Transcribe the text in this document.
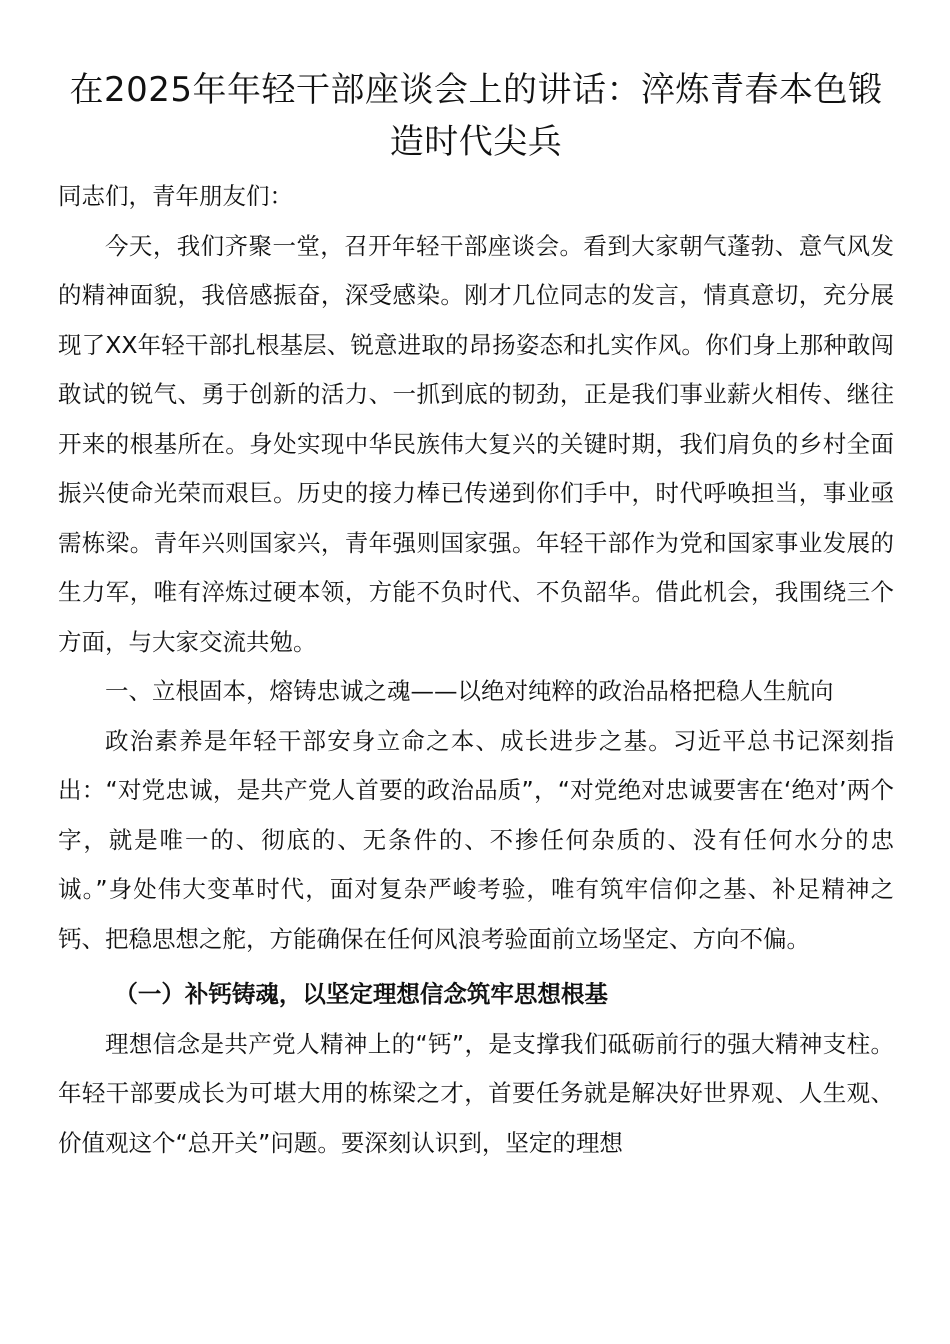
在2025年年轻干部座谈会上的讲话：淬炼青春本色锻造时代尖兵

同志们，青年朋友们：

今天，我们齐聚一堂，召开年轻干部座谈会。看到大家朝气蓬勃、意气风发的精神面貌，我倍感振奋，深受感染。刚才几位同志的发言，情真意切，充分展现了XX年轻干部扎根基层、锐意进取的昂扬姿态和扎实作风。你们身上那种敢闯敢试的锐气、勇于创新的活力、一抓到底的韧劲，正是我们事业薪火相传、继往开来的根基所在。身处实现中华民族伟大复兴的关键时期，我们肩负的乡村全面振兴使命光荣而艰巨。历史的接力棒已传递到你们手中，时代呼唤担当，事业亟需栋梁。青年兴则国家兴，青年强则国家强。年轻干部作为党和国家事业发展的生力军，唯有淬炼过硬本领，方能不负时代、不负韶华。借此机会，我围绕三个方面，与大家交流共勉。

一、立根固本，熔铸忠诚之魂——以绝对纯粹的政治品格把稳人生航向

政治素养是年轻干部安身立命之本、成长进步之基。习近平总书记深刻指出：“对党忠诚，是共产党人首要的政治品质”，“对党绝对忠诚要害在‘绝对’两个字，就是唯一的、彻底的、无条件的、不掺任何杂质的、没有任何水分的忠诚。”身处伟大变革时代，面对复杂严峻考验，唯有筑牢信仰之基、补足精神之钙、把稳思想之舵，方能确保在任何风浪考验面前立场坚定、方向不偏。

（一）补钙铸魂，以坚定理想信念筑牢思想根基

理想信念是共产党人精神上的“钙”，是支撑我们砥砺前行的强大精神支柱。年轻干部要成长为可堪大用的栋梁之才，首要任务就是解决好世界观、人生观、价值观这个“总开关”问题。要深刻认识到，坚定的理想
